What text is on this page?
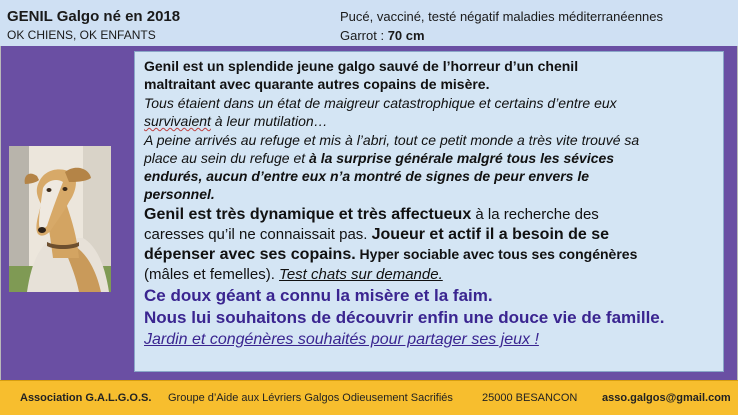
GENIL Galgo né en 2018
OK CHIENS, OK ENFANTS
Pucé, vacciné, testé négatif maladies méditerranéennes
Garrot : 70 cm
Genil est un splendide jeune galgo sauvé de l’horreur d’un chenil
maltraitant avec quarante autres copains de misère.
Tous étaient dans un état de maigreur catastrophique et certains d’entre eux
survivaient à leur mutilation…
A peine arrivés au refuge et mis à l’abri, tout ce petit monde a très vite trouvé sa
place au sein du refuge et à la surprise générale malgré tous les sévices
endurés, aucun d’entre eux n’a montré de signes de peur envers le
personnel.
Genil est très dynamique et très affectueux à la recherche des
caresses qu’il ne connaissait pas. Joueur et actif il a besoin de se
dépenser avec ses copains. Hyper sociable avec tous ses congénères
(mâles et femelles). Test chats sur demande.
Ce doux géant a connu la misère et la faim.
Nous lui souhaitons de découvrir enfin une douce vie de famille.
Jardin et congénères souhaités pour partager ses jeux !
Association G.A.L.G.O.S. Groupe d’Aide aux Lévriers Galgos Odieusement Sacrifiés	25000 BESANCON asso.galgos@gmail.com
